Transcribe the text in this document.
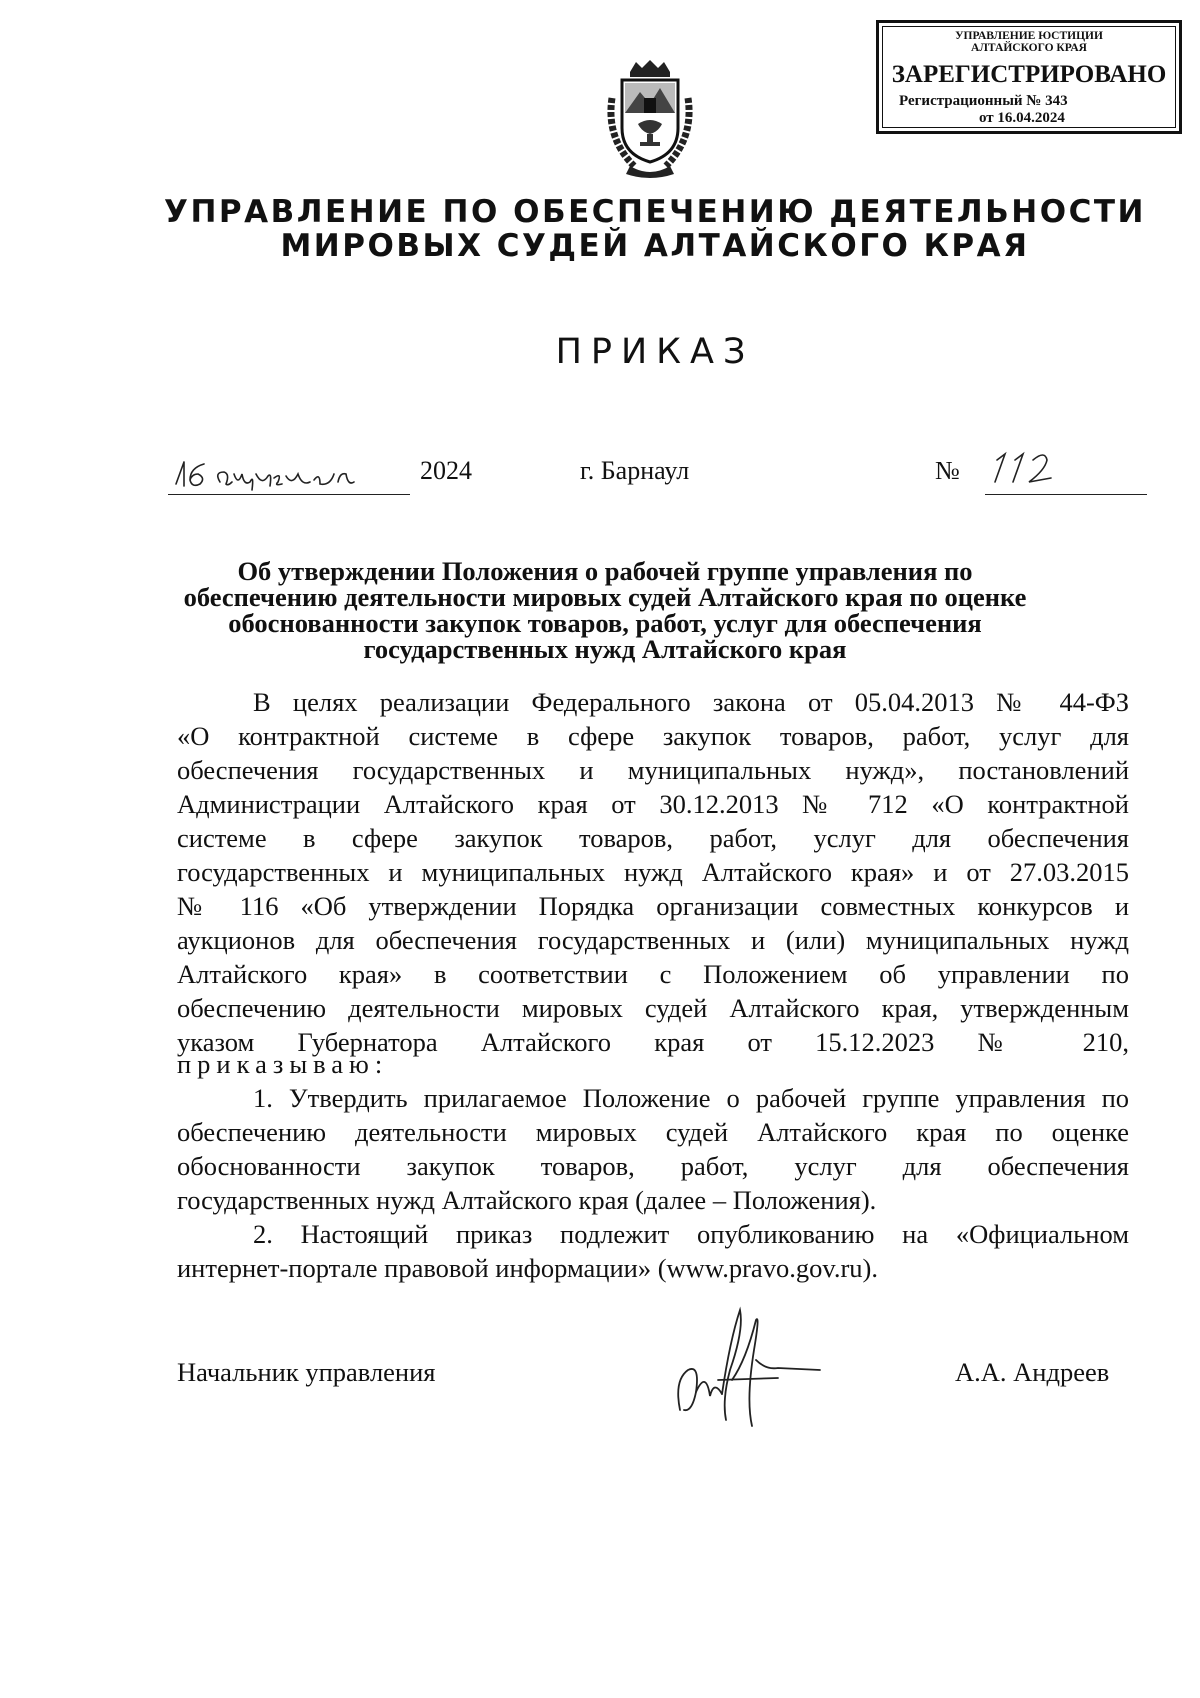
УПРАВЛЕНИЕ ЮСТИЦИИ
АЛТАЙСКОГО КРАЯ
ЗАРЕГИСТРИРОВАНО
Регистрационный № 343
от 16.04.2024
УПРАВЛЕНИЕ ПО ОБЕСПЕЧЕНИЮ ДЕЯТЕЛЬНОСТИ
МИРОВЫХ СУДЕЙ АЛТАЙСКОГО КРАЯ
ПРИКАЗ
2024	г. Барнаул	№
Об утверждении Положения о рабочей группе управления по
обеспечению деятельности мировых судей Алтайского края по оценке
обоснованности закупок товаров, работ, услуг для обеспечения
государственных нужд Алтайского края
В целях реализации Федерального закона от 05.04.2013 № 44-ФЗ
«О контрактной системе в сфере закупок товаров, работ, услуг для
обеспечения государственных и муниципальных нужд», постановлений
Администрации Алтайского края от 30.12.2013 № 712 «О контрактной
системе в сфере закупок товаров, работ, услуг для обеспечения
государственных и муниципальных нужд Алтайского края» и от 27.03.2015
№ 116 «Об утверждении Порядка организации совместных конкурсов и
аукционов для обеспечения государственных и (или) муниципальных нужд
Алтайского края» в соответствии с Положением об управлении по
обеспечению деятельности мировых судей Алтайского края, утвержденным
указом Губернатора Алтайского края от 15.12.2023 № 210,
приказываю:
1. Утвердить прилагаемое Положение о рабочей группе управления по
обеспечению деятельности мировых судей Алтайского края по оценке
обоснованности закупок товаров, работ, услуг для обеспечения
государственных нужд Алтайского края (далее – Положения).
2. Настоящий приказ подлежит опубликованию на «Официальном
интернет-портале правовой информации» (www.pravo.gov.ru).
Начальник управления	А.А. Андреев
